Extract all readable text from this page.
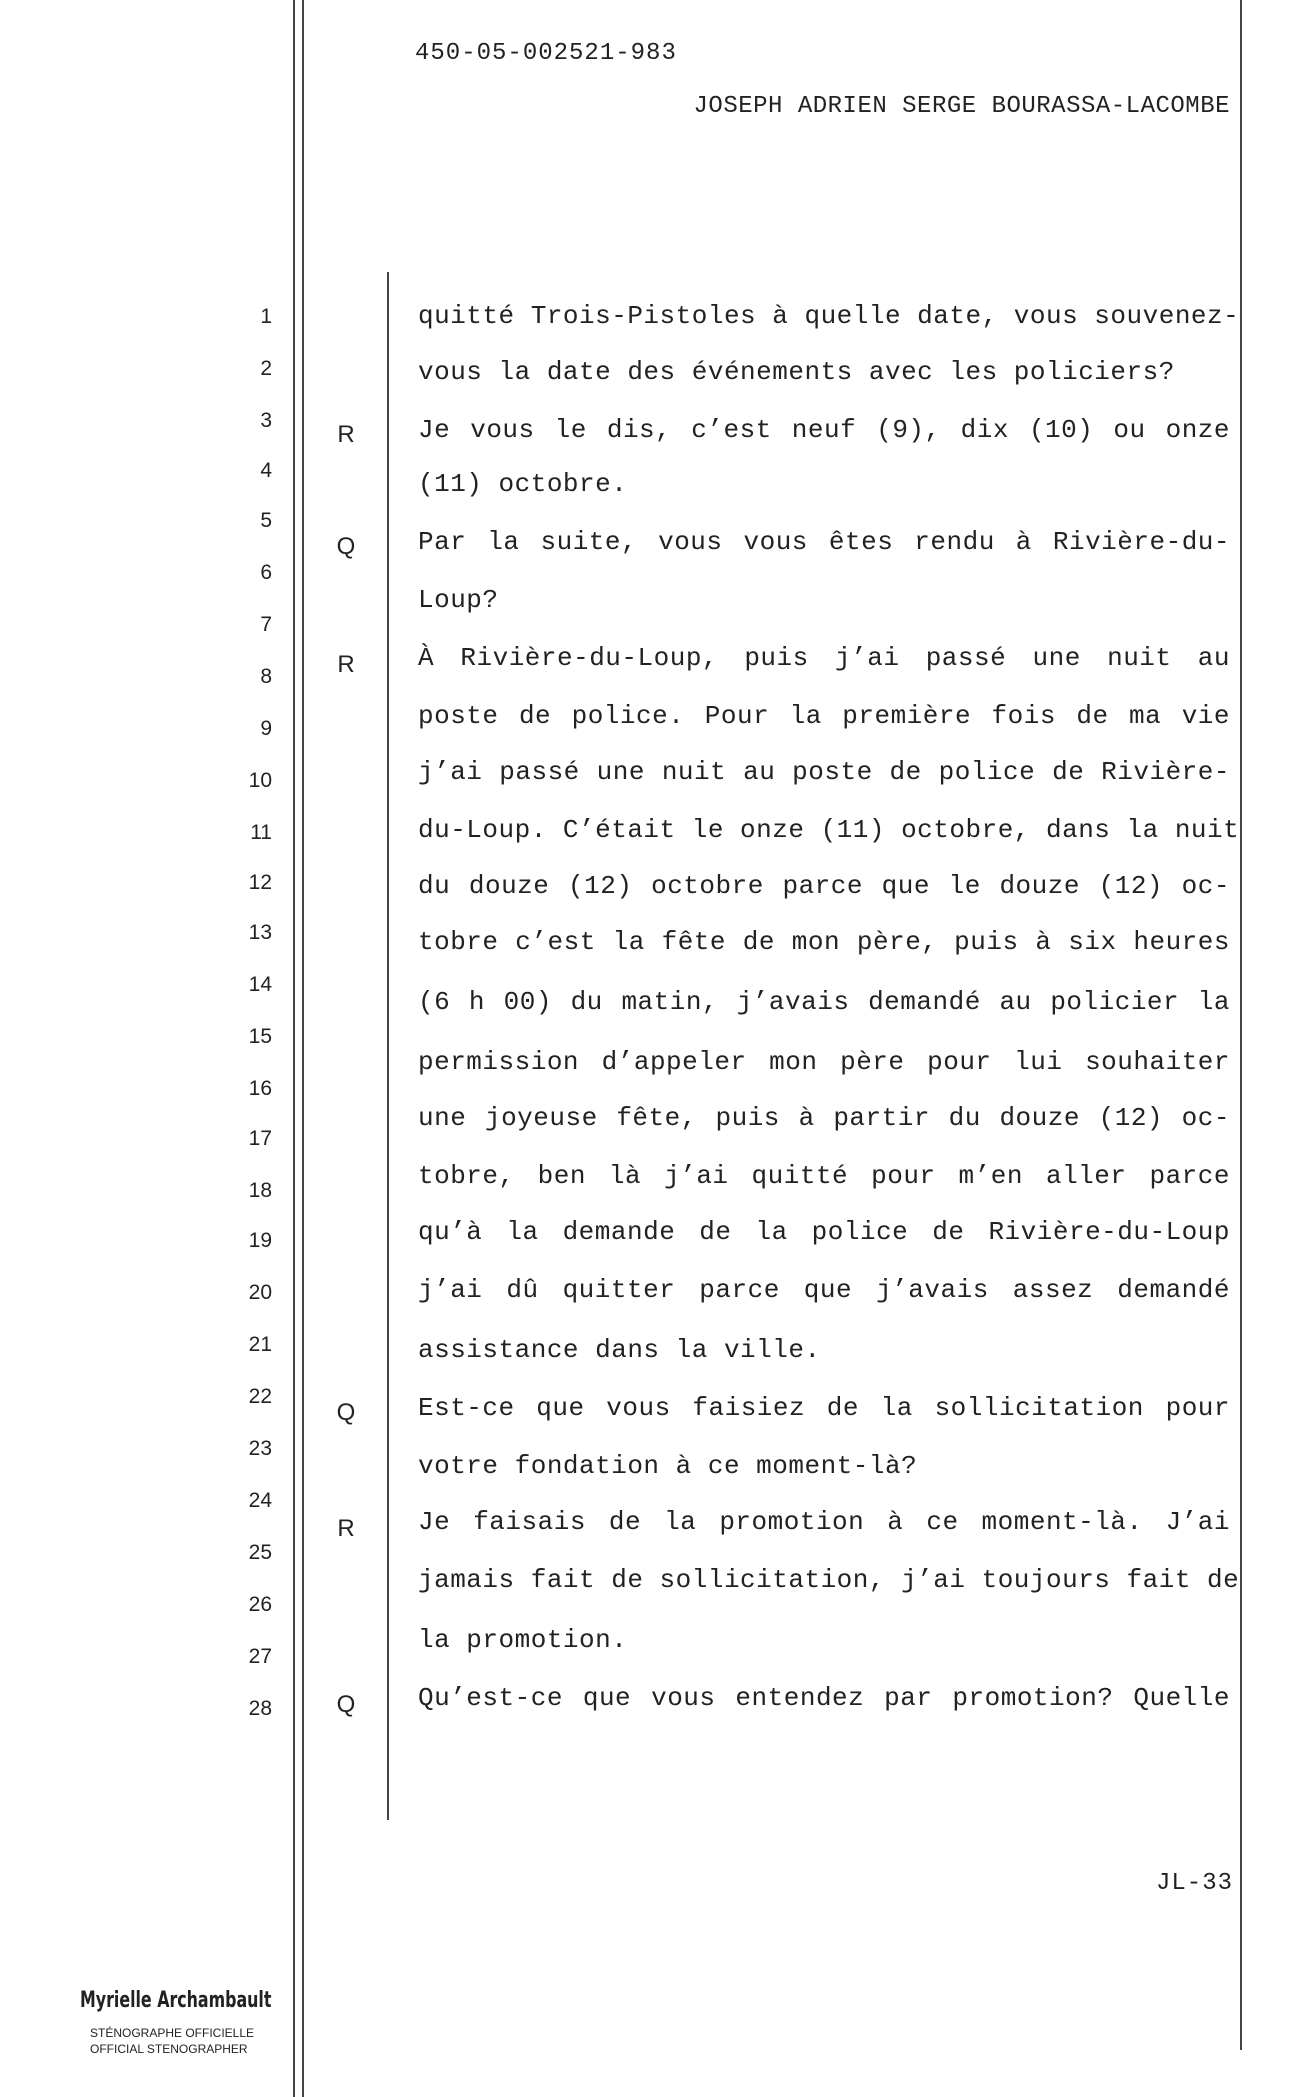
450-05-002521-983
JOSEPH ADRIEN SERGE BOURASSA-LACOMBE
1
2
3
4
5
6
7
8
9
10
11
12
13
14
15
16
17
18
19
20
21
22
23
24
25
26
27
28
R
Q
R
Q
R
Q
quitté Trois-Pistoles à quelle date, vous souvenez-
vous la date des événements avec les policiers?
Je vous le dis, c’est neuf (9), dix (10) ou onze
(11) octobre.
Par la suite, vous vous êtes rendu à Rivière-du-
Loup?
À Rivière-du-Loup, puis j’ai passé une nuit au
poste de police. Pour la première fois de ma vie
j’ai passé une nuit au poste de police de Rivière-
du-Loup. C’était le onze (11) octobre, dans la nuit
du douze (12) octobre parce que le douze (12) oc-
tobre c’est la fête de mon père, puis à six heures
(6 h 00) du matin, j’avais demandé au policier la
permission d’appeler mon père pour lui souhaiter
une joyeuse fête, puis à partir du douze (12) oc-
tobre, ben là j’ai quitté pour m’en aller parce
qu’à la demande de la police de Rivière-du-Loup
j’ai dû quitter parce que j’avais assez demandé
assistance dans la ville.
Est-ce que vous faisiez de la sollicitation pour
votre fondation à ce moment-là?
Je faisais de la promotion à ce moment-là. J’ai
jamais fait de sollicitation, j’ai toujours fait de
la promotion.
Qu’est-ce que vous entendez par promotion? Quelle
JL-33
Myrielle Archambault
STÉNOGRAPHE OFFICIELLE
OFFICIAL STENOGRAPHER
